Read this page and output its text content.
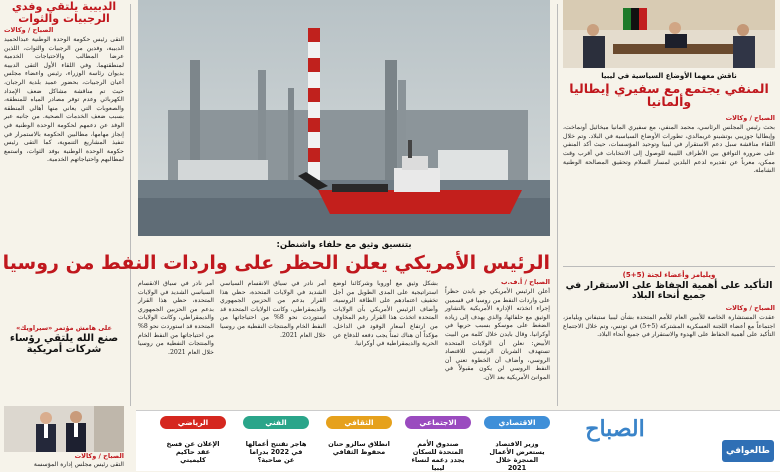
الدبيبة يلتقي وفدي الرجبيات والثوات
الصباح / وكالات

التقى رئيس حكومة الوحدة الوطنية عبدالحميد الدبيبة، وفدين من الرجبيات والثوات، اللذين عرضا المطالب والاحتياجات الخدمية لمنطقتهما. وفي اللقاء الأول التقى الدبيبة بديوان رئاسة الوزراء، رئيس واعضاء مجلس أعيان الرجبيات، بحضور عميد بلدية الرجبان، حيث تم مناقشة مشاكل ضعف الإمداد الكهربائي وعدم توفر مصادر المياه للمنطقة، والصعوبات التي يعاني منها أهالي المنطقة بسبب ضعف الخدمات الصحية. من جانبه عبر الوفد عن دعمهم لحكومة الوحدة الوطنية في إنجاز مهامها، مطالبين الحكومة بالاستمرار في تنفيذ المشاريع التنموية، كما التقى رئيس حكومة الوحدة الوطنية بوفد الثوات، واستمع لمطالبهم واحتياجاتهم الخدمية.

على هامش مؤتمر «سيراويك»
صنع الله يلتقي رؤساء شركات أمريكية
الصباح / وكالات

التقى رئيس مجلس إدارة المؤسسة

بتنسيق وثيق مع حلفاء واشنطن:
الرئيس الأمريكي يعلن الحظر على واردات النفط من روسيا
الصباح / أ.ف.ب

أعلن الرئيس الأمريكي جو بايدن حظراً على واردات النفط من روسيا في قسمين إجراء اتخذته الإدارة الأمريكية بالتشاور الوثيق مع حلفائها، والذي يهدف إلى زيادة الضغط على موسكو بسبب حربها في أوكرانيا. وقال بايدن خلال كلمة من البيت الأبيض: نعلن أن الولايات المتحدة تستهدف الشريان الرئيسي للاقتصاد الروسي، وأضاف أن الخطوة تعني أن النفط الروسي لن يكون مقبولاً في الموانئ الأمريكية بعد الآن.

بشكل وثيق مع أوروبا وشركائنا لوضع استراتيجية على المدى الطويل من أجل تخفيف اعتمادهم على الطاقة الروسية، وأضاف الرئيس الأمريكي بأن الولايات المتحدة اتخذت هذا القرار رغم المخاوف من ارتفاع أسعار الوقود في الداخل، مؤكداً أن هناك ثمناً يجب دفعه للدفاع عن الحرية والديمقراطية في أوكرانيا.

أمر نادر في سياق الانقسام السياسي الشديد في الولايات المتحدة، حظي هذا القرار بدعم من الحزبين الجمهوري والديمقراطي، وكانت الولايات المتحدة قد استوردت نحو 8% من احتياجاتها من النفط الخام والمنتجات النفطية من روسيا خلال العام 2021.

أمر نادر في سياق الانقسام السياسي الشديد في الولايات المتحدة، حظي هذا القرار بدعم من الحزبين الجمهوري والديمقراطي، وكانت الولايات المتحدة قد استوردت نحو 8% من احتياجاتها من النفط الخام والمنتجات النفطية من روسيا خلال العام 2021.

ناقش معهما الأوضاع السياسية في ليبيا
المنفي يجتمع مع سفيري إيطاليا وألمانيا
الصباح / وكالات

بحث رئيس المجلس الرئاسي، محمد المنفي، مع سفيري المانيا ميخائيل أونماخت، وإيطاليا جوزيبي بوتشينو غريمالدي، تطورات الأوضاع السياسية في البلاد. وتم خلال اللقاء مناقشة سبل دعم الاستقرار في ليبيا وتوحيد المؤسسات، حيث أكد المنفي على ضرورة التوافق بين الأطراف الليبية للوصول إلى الانتخابات في أقرب وقت ممكن، معرباً عن تقديره لدعم البلدين لمسار السلام وتحقيق المصالحة الوطنية الشاملة.

ويليامز وأعضاء لجنة (5+5)
التأكيد على أهمية الحفاظ على الاستقرار في جميع أنحاء البلاد
الصباح / وكالات

عقدت المستشارة الخاصة للأمين العام للأمم المتحدة بشأن ليبيا ستيفاني ويليامز، اجتماعاً مع أعضاء اللجنة العسكرية المشتركة (5+5) في تونس، وتم خلال الاجتماع التأكيد على أهمية الحفاظ على الهدوء والاستقرار في جميع أنحاء البلاد.

الصباح
طالعوافي
الاقتصادي
الاجتماعي
الثقافي
الفني
الرياضي
وزير الاقتصاد يستعرض الأعمال المنجزة خلال 2021
صندوق الأمم المتحدة للسكان يجدد دعمه لنساء ليبيا
انطلاق سالزو حنان محفوظ الثقافي
هاجر تفتتح أعمالها في 2022 بدراما عن صاحبة؟
الإعلان عن فسخ عقد حاكيم كليميتي
